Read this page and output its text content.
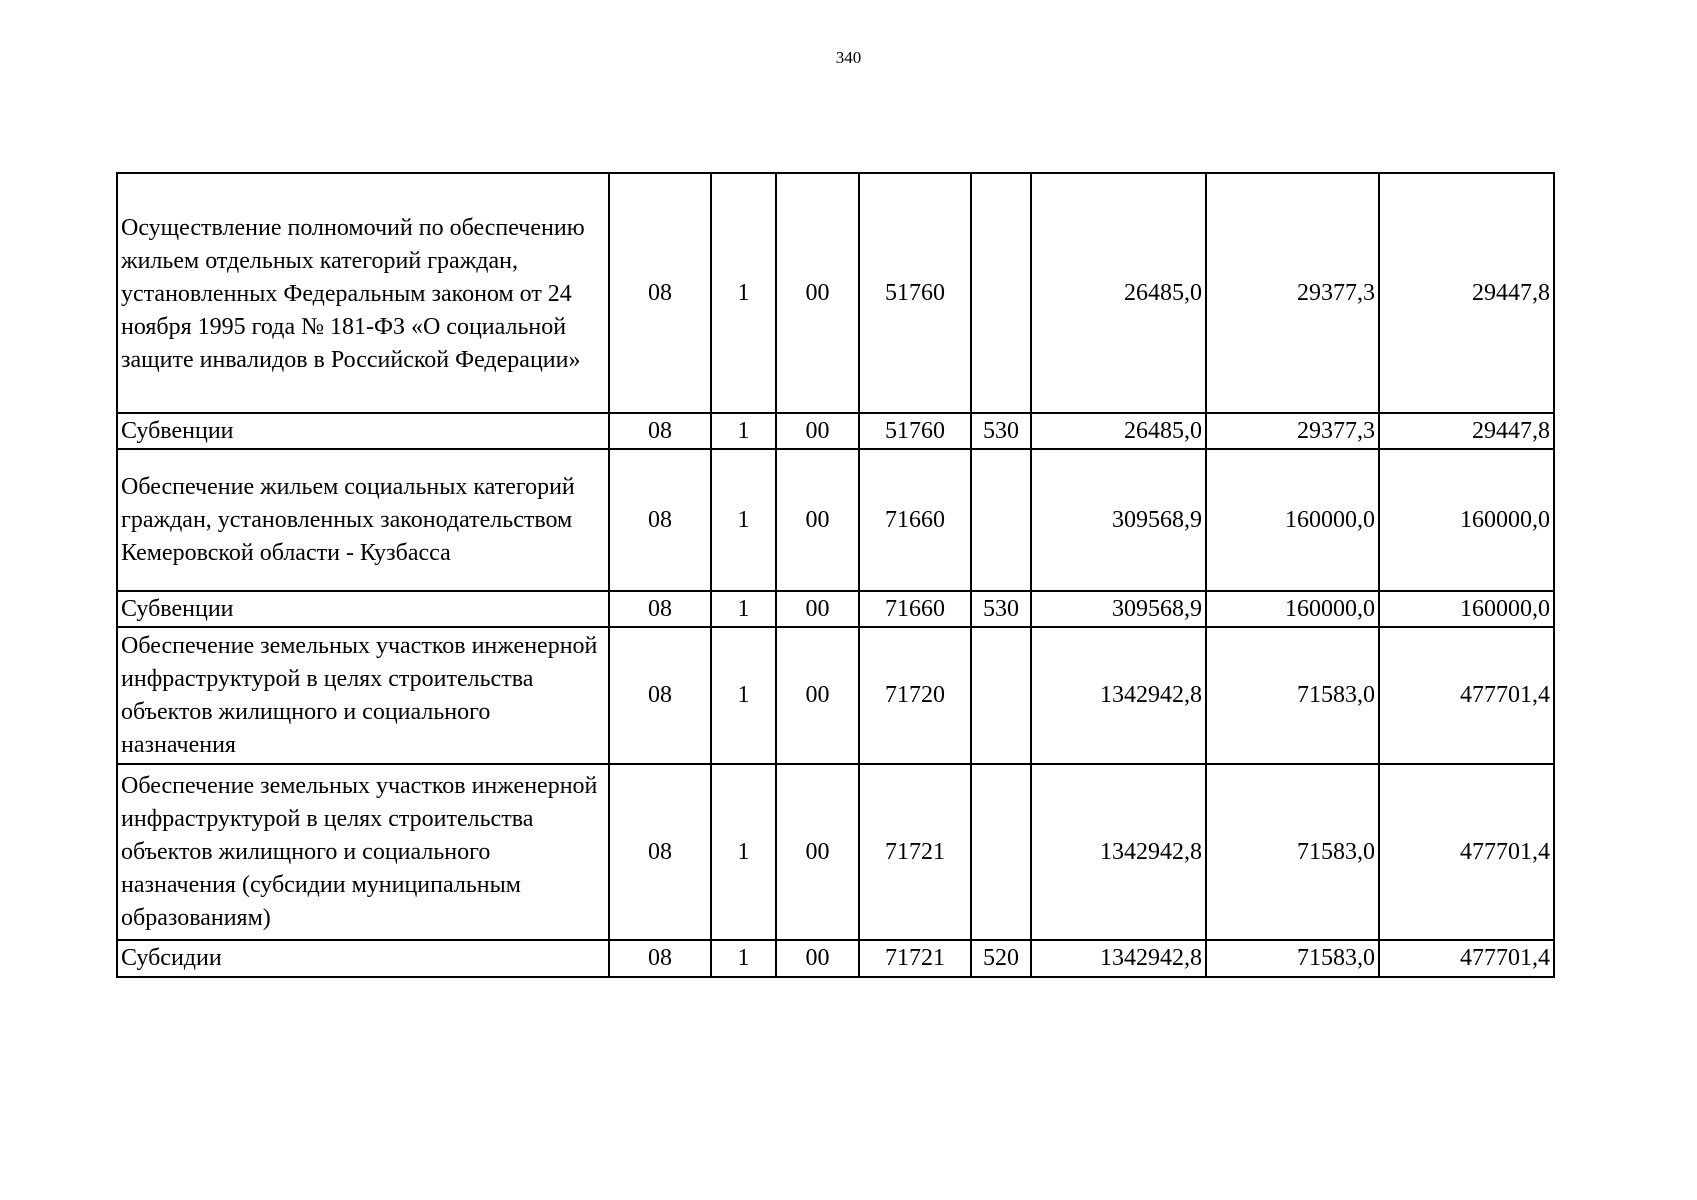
340
Осуществление полномочий по обеспечению жильем отдельных категорий граждан, установленных Федеральным законом от 24 ноября 1995 года № 181-ФЗ «О социальной защите инвалидов в Российской Федерации»	08	1	00	51760		26485,0	29377,3	29447,8
Субвенции	08	1	00	51760	530	26485,0	29377,3	29447,8
Обеспечение жильем социальных категорий граждан, установленных законодательством Кемеровской области - Кузбасса	08	1	00	71660		309568,9	160000,0	160000,0
Субвенции	08	1	00	71660	530	309568,9	160000,0	160000,0
Обеспечение земельных участков инженерной инфраструктурой в целях строительства объектов жилищного и социального назначения	08	1	00	71720		1342942,8	71583,0	477701,4
Обеспечение земельных участков инженерной инфраструктурой в целях строительства объектов жилищного и социального назначения (субсидии муниципальным образованиям)	08	1	00	71721		1342942,8	71583,0	477701,4
Субсидии	08	1	00	71721	520	1342942,8	71583,0	477701,4
